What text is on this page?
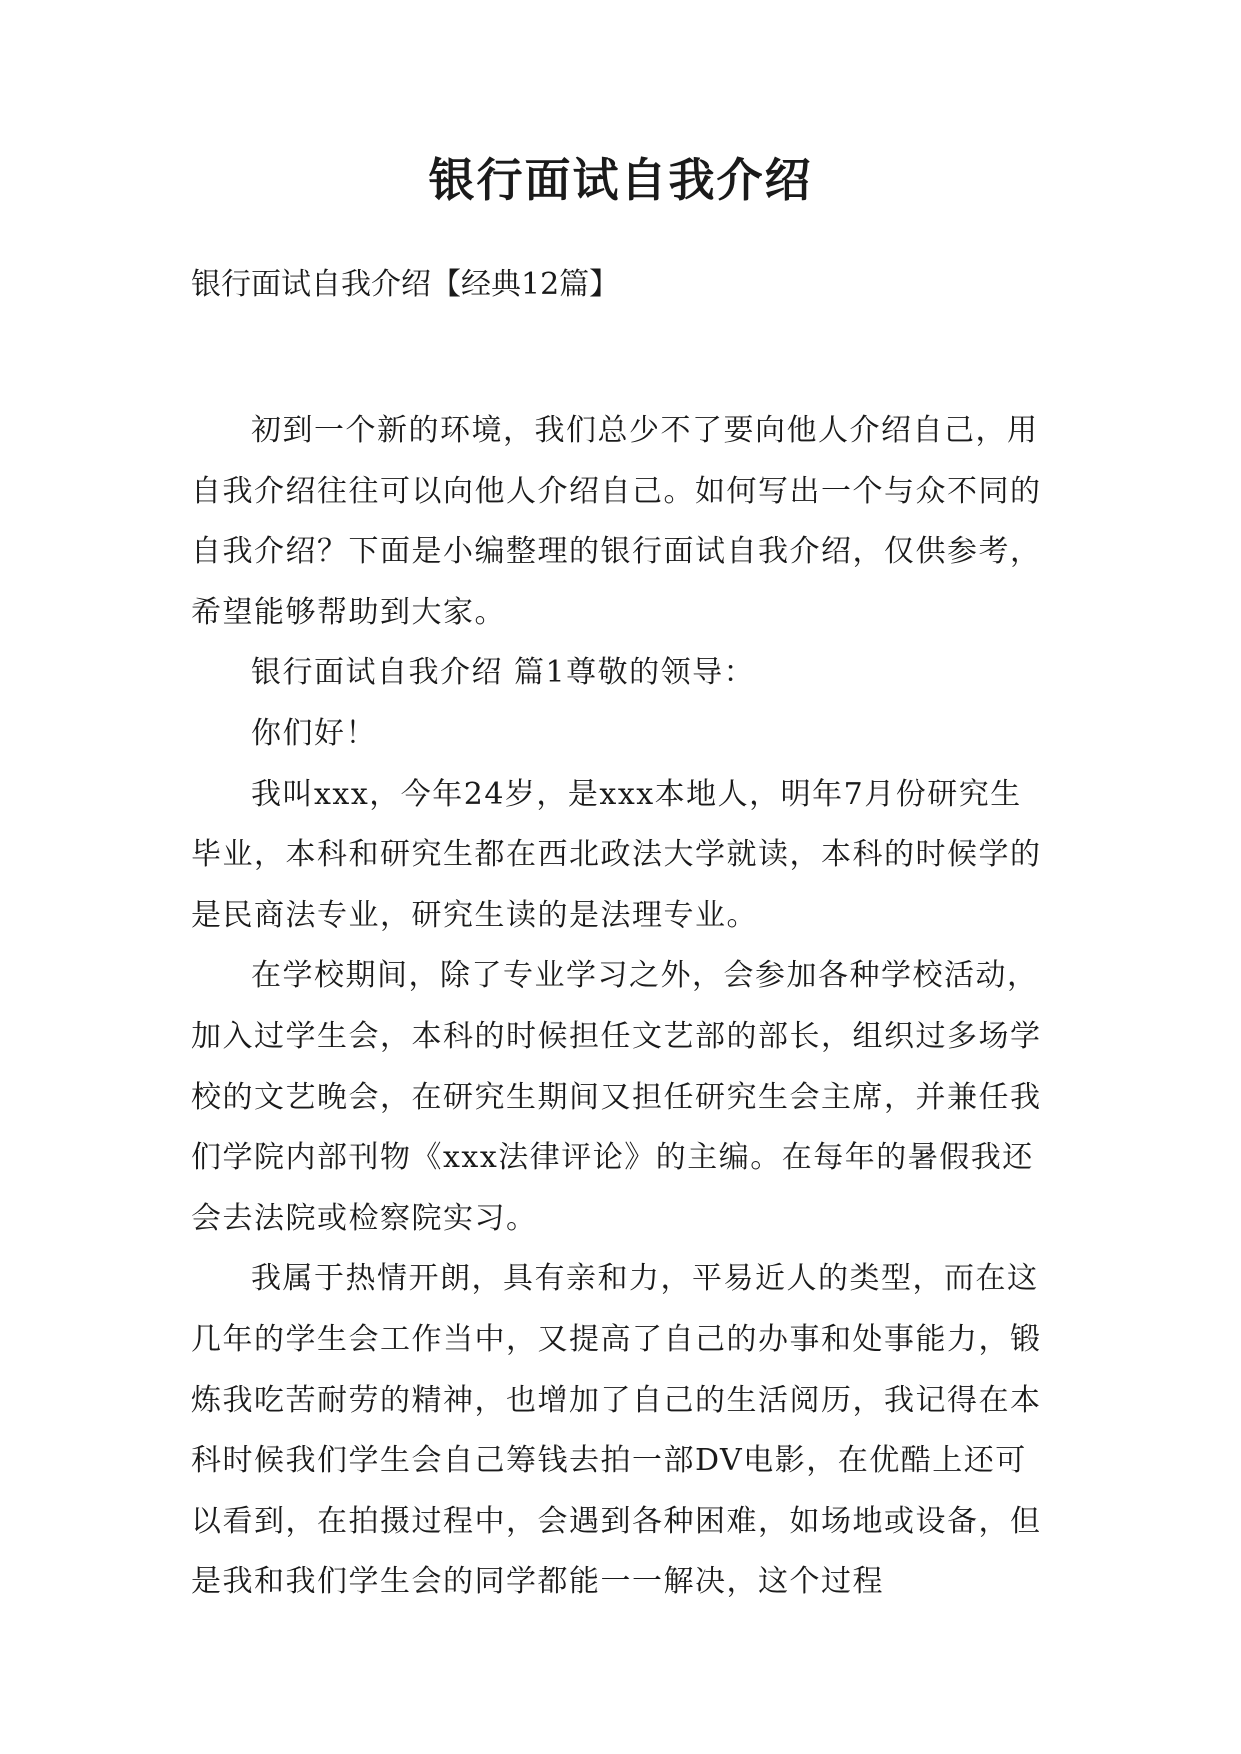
银行面试自我介绍
银行面试自我介绍【经典12篇】

初到一个新的环境，我们总少不了要向他人介绍自己，用自我介绍往往可以向他人介绍自己。如何写出一个与众不同的自我介绍？下面是小编整理的银行面试自我介绍，仅供参考，希望能够帮助到大家。

银行面试自我介绍 篇1尊敬的领导：

你们好！

我叫xxx，今年24岁，是xxx本地人，明年7月份研究生毕业，本科和研究生都在西北政法大学就读，本科的时候学的是民商法专业，研究生读的是法理专业。

在学校期间，除了专业学习之外，会参加各种学校活动，加入过学生会，本科的时候担任文艺部的部长，组织过多场学校的文艺晚会，在研究生期间又担任研究生会主席，并兼任我们学院内部刊物《xxx法律评论》的主编。在每年的暑假我还会去法院或检察院实习。

我属于热情开朗，具有亲和力，平易近人的类型，而在这几年的学生会工作当中，又提高了自己的办事和处事能力，锻炼我吃苦耐劳的精神，也增加了自己的生活阅历，我记得在本科时候我们学生会自己筹钱去拍一部DV电影，在优酷上还可以看到，在拍摄过程中，会遇到各种困难，如场地或设备，但是我和我们学生会的同学都能一一解决，这个过程
